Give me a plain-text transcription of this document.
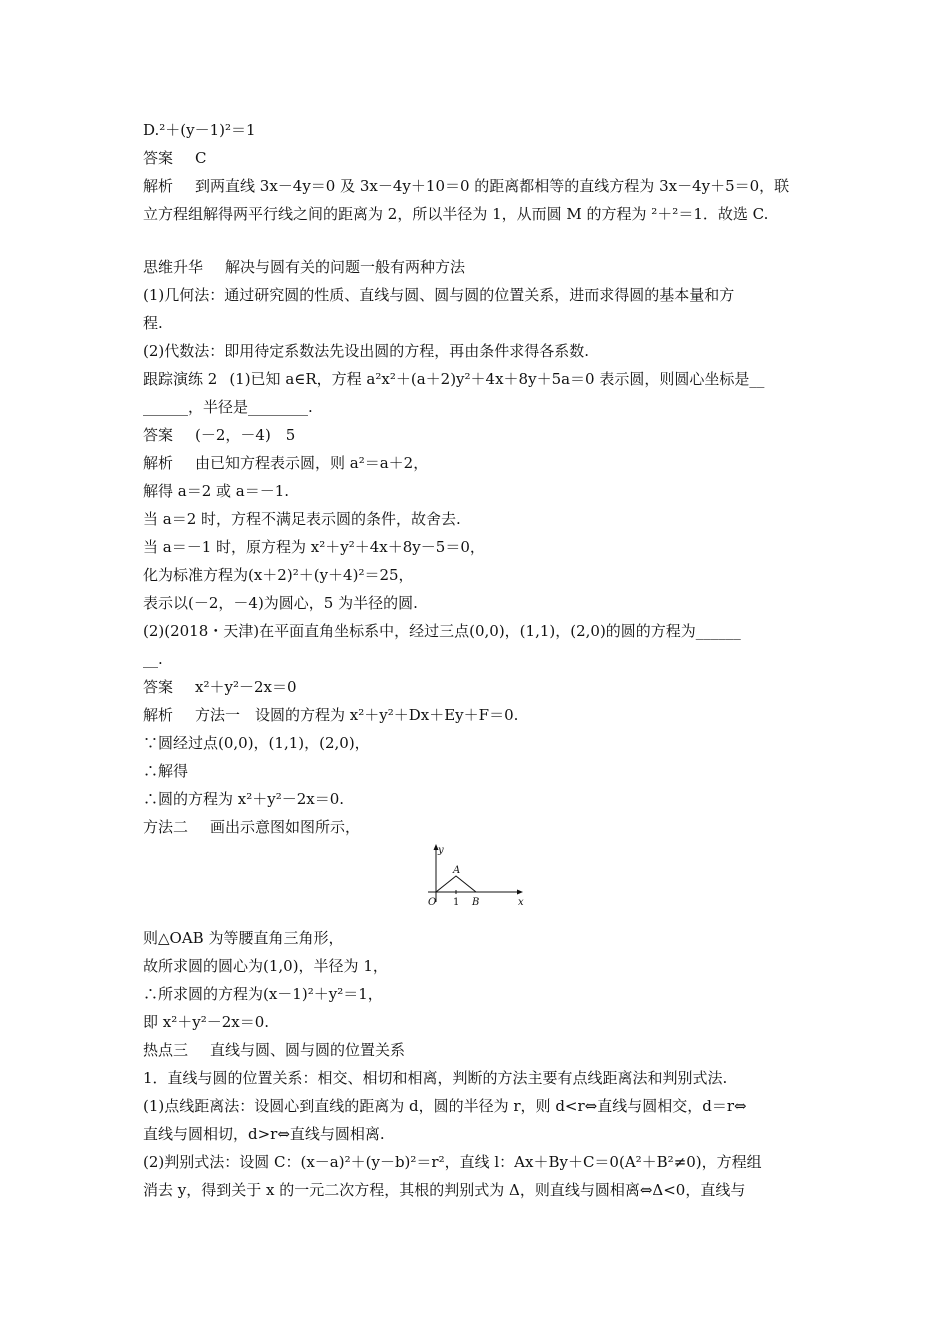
D.²＋(y－1)²＝1
答案 C
解析 到两直线 3x－4y＝0 及 3x－4y＋10＝0 的距离都相等的直线方程为 3x－4y＋5＝0，联
立方程组解得两平行线之间的距离为 2，所以半径为 1，从而圆 M 的方程为 ²＋²＝1．故选 C.
思维升华 解决与圆有关的问题一般有两种方法
(1)几何法：通过研究圆的性质、直线与圆、圆与圆的位置关系，进而求得圆的基本量和方
程.
(2)代数法：即用待定系数法先设出圆的方程，再由条件求得各系数.
跟踪演练 2 (1)已知 a∈R，方程 a²x²＋(a＋2)y²＋4x＋8y＋5a＝0 表示圆，则圆心坐标是__
______，半径是________.
答案 (－2，－4)　5
解析 由已知方程表示圆，则 a²＝a＋2，
解得 a＝2 或 a＝－1.
当 a＝2 时，方程不满足表示圆的条件，故舍去.
当 a＝－1 时，原方程为 x²＋y²＋4x＋8y－5＝0，
化为标准方程为(x＋2)²＋(y＋4)²＝25，
表示以(－2，－4)为圆心，5 为半径的圆.
(2)(2018・天津)在平面直角坐标系中，经过三点(0,0)，(1,1)，(2,0)的圆的方程为______
__.
答案 x²＋y²－2x＝0
解析 方法一　设圆的方程为 x²＋y²＋Dx＋Ey＋F＝0.
∵圆经过点(0,0)，(1,1)，(2,0)，
∴解得
∴圆的方程为 x²＋y²－2x＝0.
方法二 画出示意图如图所示，
y
x
O
A
B
1
则△OAB 为等腰直角三角形，
故所求圆的圆心为(1,0)，半径为 1，
∴所求圆的方程为(x－1)²＋y²＝1，
即 x²＋y²－2x＝0.
热点三 直线与圆、圆与圆的位置关系
1．直线与圆的位置关系：相交、相切和相离，判断的方法主要有点线距离法和判别式法.
(1)点线距离法：设圆心到直线的距离为 d，圆的半径为 r，则 d<r⇔直线与圆相交，d＝r⇔
直线与圆相切，d>r⇔直线与圆相离.
(2)判别式法：设圆 C：(x－a)²＋(y－b)²＝r²，直线 l：Ax＋By＋C＝0(A²＋B²≠0)，方程组
消去 y，得到关于 x 的一元二次方程，其根的判别式为 Δ，则直线与圆相离⇔Δ<0，直线与
